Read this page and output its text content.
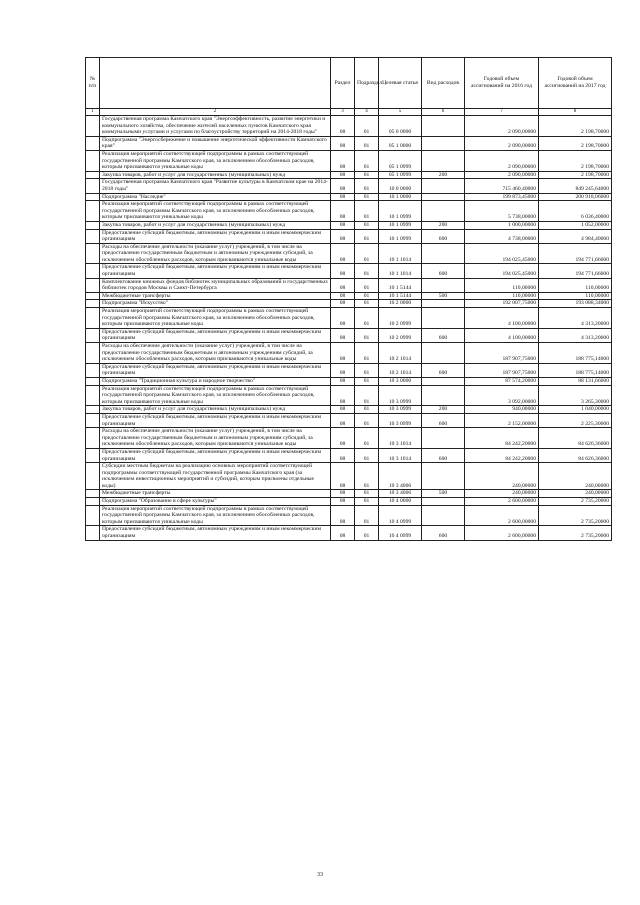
№ п/п		Раздел	Подраздел	Целевая статья	Вид расходов	Годовой объем ассигнований на 2016 год	Годовой объем ассигнований на 2017 год
1	2	3	4	5	6	7	8
	Государственная программа Камчатского края "Энергоэффективность, развитие энергетики и коммунального хозяйства, обеспечение жителей населенных пунктов Камчатского края коммунальными услугами и услугами по благоустройству территорий на 2014-2018 годы"	08	01	05 0 0000		2 090,00000	2 198,70000
	Подпрограмма "Энергосбережение и повышение энергетической эффективности Камчатского края"	08	01	05 1 0000		2 090,00000	2 198,70000
	Реализация мероприятий соответствующей подпрограммы в рамках соответствующей государственной программы Камчатского края, за исключением обособленных расходов, которым присваиваются уникальные коды	08	01	05 1 0999		2 090,00000	2 198,70000
	Закупка товаров, работ и услуг для государственных (муниципальных) нужд	08	01	05 1 0999	200	2 090,00000	2 198,70000
	Государственная программа Камчатского края "Развитие культуры в Камчатском крае на 2014-2018 годы"	08	01	10 0 0000		715 460,40000	849 245,64000
	Подпрограмма "Наследие"	08	01	10 1 0000		199 873,45000	200 918,06000
	Реализация мероприятий соответствующей подпрограммы в рамках соответствующей государственной программы Камчатского края, за исключением обособленных расходов, которым присваиваются уникальные коды	08	01	10 1 0999		5 738,00000	6 036,40000
	Закупка товаров, работ и услуг для государственных (муниципальных) нужд	08	01	10 1 0999	200	1 000,00000	1 052,00000
	Предоставление субсидий бюджетным, автономным учреждениям и иным некоммерческим организациям	08	01	10 1 0999	600	4 738,00000	4 984,40000
	Расходы на обеспечение деятельности (оказание услуг) учреждений, в том числе на предоставление государственным бюджетным и автономным учреждениям субсидий, за исключением обособленных расходов, которым присваиваются уникальные коды	08	01	10 1 1014		194 025,45000	194 771,66000
	Предоставление субсидий бюджетным, автономным учреждениям и иным некоммерческим организациям	08	01	10 1 1014	600	194 025,45000	194 771,66000
	Комплектование книжных фондов библиотек муниципальных образований и государственных библиотек городов Москвы и Санкт-Петербурга	08	01	10 1 5144		110,00000	110,00000
	Межбюджетные трансферты	08	01	10 1 5144	500	110,00000	110,00000
	Подпрограмма "Искусство"	08	01	10 2 0000		192 007,75000	193 088,34000
	Реализация мероприятий соответствующей подпрограммы в рамках соответствующей государственной программы Камчатского края, за исключением обособленных расходов, которым присваиваются уникальные коды	08	01	10 2 0999		4 100,00000	4 313,20000
	Предоставление субсидий бюджетным, автономным учреждениям и иным некоммерческим организациям	08	01	10 2 0999	600	4 100,00000	4 313,20000
	Расходы на обеспечение деятельности (оказание услуг) учреждений, в том числе на предоставление государственным бюджетным и автономным учреждениям субсидий, за исключением обособленных расходов, которым присваиваются уникальные коды	08	01	10 2 1014		187 907,75000	188 775,14000
	Предоставление субсидий бюджетным, автономным учреждениям и иным некоммерческим организациям	08	01	10 2 1014	600	187 907,75000	188 775,14000
	Подпрограмма "Традиционная культура и народное творчество"	08	01	10 3 0000		87 574,20000	88 131,66000
	Реализация мероприятий соответствующей подпрограммы в рамках соответствующей государственной программы Камчатского края, за исключением обособленных расходов, которым присваиваются уникальные коды	08	01	10 3 0999		3 092,00000	3 265,30000
	Закупка товаров, работ и услуг для государственных (муниципальных) нужд	08	01	10 3 0999	200	940,00000	1 040,00000
	Предоставление субсидий бюджетным, автономным учреждениям и иным некоммерческим организациям	08	01	10 3 0999	600	2 152,00000	2 225,30000
	Расходы на обеспечение деятельности (оказание услуг) учреждений, в том числе на предоставление государственным бюджетным и автономным учреждениям субсидий, за исключением обособленных расходов, которым присваиваются уникальные коды	08	01	10 3 1014		84 242,20000	84 626,36000
	Предоставление субсидий бюджетным, автономным учреждениям и иным некоммерческим организациям	08	01	10 3 1014	600	84 242,20000	84 626,36000
	Субсидии местным бюджетам на реализацию основных мероприятий соответствующей подпрограммы соответствующей государственной программы Камчатского края (за исключением инвестиционных мероприятий и субсидий, которым присвоены отдельные коды)	08	01	10 3 4006		240,00000	240,00000
	Межбюджетные трансферты	08	01	10 3 4006	500	240,00000	240,00000
	Подпрограмма "Образование в сфере культуры"	08	01	10 4 0000		2 600,00000	2 735,20000
	Реализация мероприятий соответствующей подпрограммы в рамках соответствующей государственной программы Камчатского края, за исключением обособленных расходов, которым присваиваются уникальные коды	08	01	10 4 0999		2 600,00000	2 735,20000
	Предоставление субсидий бюджетным, автономным учреждениям и иным некоммерческим организациям	08	01	10 4 0999	600	2 600,00000	2 735,20000
33
